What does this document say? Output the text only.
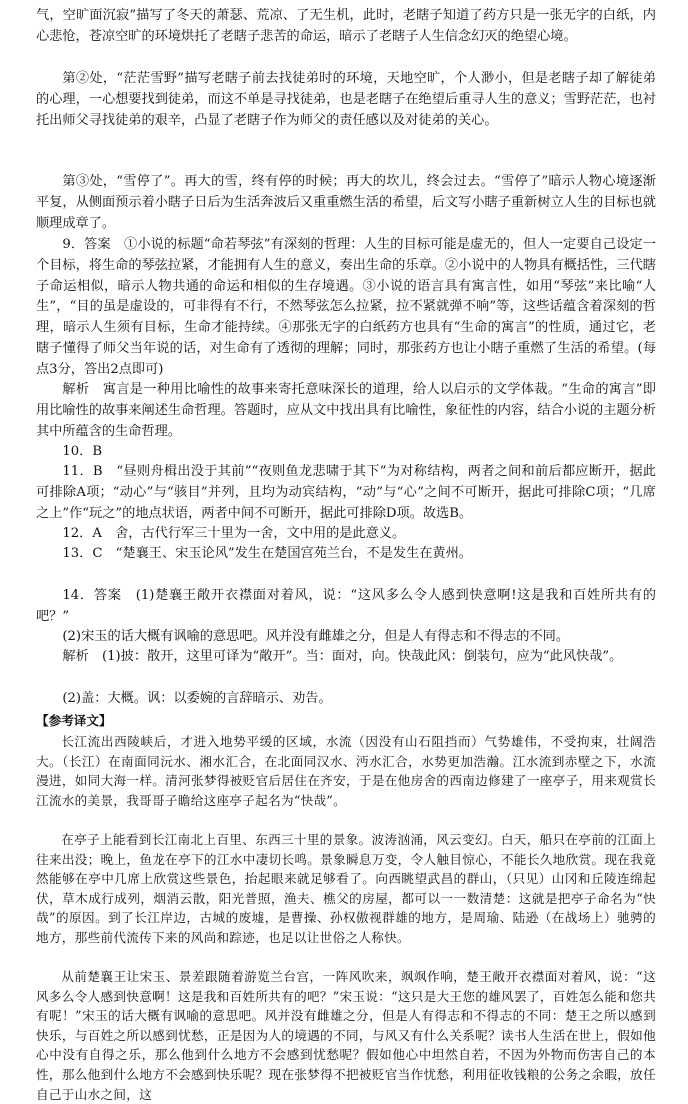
气，空旷面沉寂”描写了冬天的萧瑟、荒凉、了无生机，此时，老瞎子知道了药方只是一张无字的白纸，内心悲怆，苍凉空旷的环境烘托了老瞎子悲苦的命运，暗示了老瞎子人生信念幻灭的绝望心境。

第②处，“茫茫雪野”描写老瞎子前去找徒弟时的环境，天地空旷，个人渺小，但是老瞎子却了解徒弟的心理，一心想要找到徒弟，而这不单是寻找徒弟，也是老瞎子在绝望后重寻人生的意义；雪野茫茫，也衬托出师父寻找徒弟的艰辛，凸显了老瞎子作为师父的责任感以及对徒弟的关心。

第③处，“雪停了”。再大的雪，终有停的时候；再大的坎儿，终会过去。“雪停了”暗示人物心境逐渐平复，从侧面预示着小瞎子日后为生活奔波后又重重燃生活的希望，后文写小瞎子重新树立人生的目标也就顺理成章了。

9．答案　①小说的标题“命若琴弦”有深刻的哲理：人生的目标可能是虚无的，但人一定要自己设定一个目标，将生命的琴弦拉紧，才能拥有人生的意义，奏出生命的乐章。②小说中的人物具有概括性，三代瞎子命运相似，暗示人物共通的命运和相似的生存境遇。③小说的语言具有寓言性，如用“琴弦”来比喻“人生”，“目的虽是虚设的，可非得有不行，不然琴弦怎么拉紧，拉不紧就弹不响”等，这些话蕴含着深刻的哲理，暗示人生须有目标，生命才能持续。④那张无字的白纸药方也具有“生命的寓言”的性质，通过它，老瞎子懂得了师父当年说的话，对生命有了透彻的理解；同时，那张药方也让小瞎子重燃了生活的希望。(每点3分，答出2点即可)

解析　寓言是一种用比喻性的故事来寄托意味深长的道理，给人以启示的文学体裁。“生命的寓言”即用比喻性的故事来阐述生命哲理。答题时，应从文中找出具有比喻性，象征性的内容，结合小说的主题分析其中所蕴含的生命哲理。

10．B

11．B　“昼则舟楫出没于其前”“夜则鱼龙悲啸于其下”为对称结构，两者之间和前后都应断开，据此可排除A项；“动心”与“骇目”并列，且均为动宾结构，“动”与“心”之间不可断开，据此可排除C项；“几席之上”作“玩之”的地点状语，两者中间不可断开，据此可排除D项。故选B。

12．A　舍，古代行军三十里为一舍，文中用的是此意义。

13．C　“楚襄王、宋玉论风”发生在楚国宫苑兰台，不是发生在黄州。

14．答案　(1)楚襄王敞开衣襟面对着风，说：“这风多么令人感到快意啊!这是我和百姓所共有的吧？”

(2)宋玉的话大概有讽喻的意思吧。风并没有雌雄之分，但是人有得志和不得志的不同。

解析　(1)披：散开，这里可译为“敞开”。当：面对，向。快哉此风：倒装句，应为“此风快哉”。

(2)盖：大概。讽：以委婉的言辞暗示、劝告。

【参考译文】

长江流出西陵峡后，才进入地势平缓的区域，水流（因没有山石阻挡而）气势雄伟，不受拘束，壮阔浩大。（长江）在南面同沅水、湘水汇合，在北面同汉水、沔水汇合，水势更加浩瀚。江水流到赤壁之下，水流漫进，如同大海一样。清河张梦得被贬官后居住在齐安，于是在他房舍的西南边修建了一座亭子，用来观赏长江流水的美景，我哥哥子瞻给这座亭子起名为“快哉”。

在亭子上能看到长江南北上百里、东西三十里的景象。波涛汹涌，风云变幻。白天，船只在亭前的江面上往来出没；晚上，鱼龙在亭下的江水中凄切长鸣。景象瞬息万变，令人触目惊心，不能长久地欣赏。现在我竟然能够在亭中几席上欣赏这些景色，抬起眼来就足够看了。向西眺望武昌的群山，（只见）山冈和丘陵连绵起伏，草木成行成列，烟消云散，阳光普照，渔夫、樵父的房屋，都可以一一数清楚：这就是把亭子命名为“快哉”的原因。到了长江岸边，古城的废墟，是曹操、孙权傲视群雄的地方，是周瑜、陆逊（在战场上）驰骋的地方，那些前代流传下来的风尚和踪迹，也足以让世俗之人称快。

从前楚襄王让宋玉、景差跟随着游览兰台宫，一阵风吹来，飒飒作响，楚王敞开衣襟面对着风，说：“这风多么令人感到快意啊！这是我和百姓所共有的吧？”宋玉说：“这只是大王您的雄风罢了，百姓怎么能和您共有呢！”宋玉的话大概有讽喻的意思吧。风并没有雌雄之分，但是人有得志和不得志的不同：楚王之所以感到快乐，与百姓之所以感到忧愁，正是因为人的境遇的不同，与风又有什么关系呢？读书人生活在世上，假如他心中没有自得之乐，那么他到什么地方不会感到忧愁呢？假如他心中坦然自若，不因为外物而伤害自己的本性，那么他到什么地方不会感到快乐呢？现在张梦得不把被贬官当作忧愁，利用征收钱粮的公务之余暇，放任自己于山水之间，这
